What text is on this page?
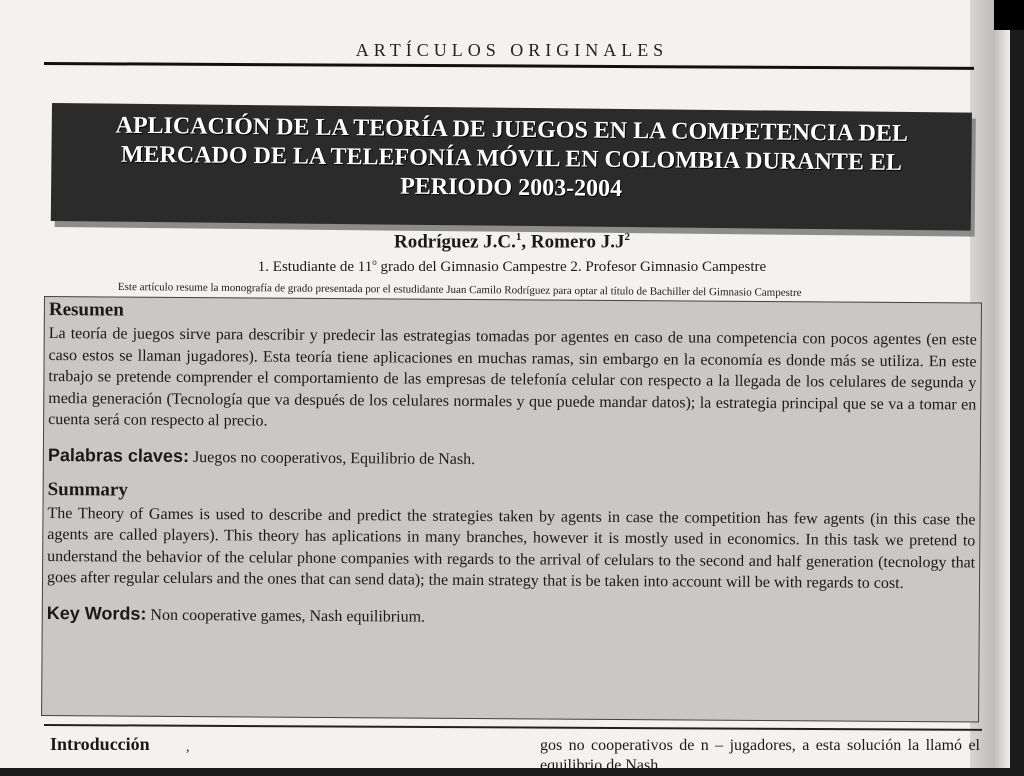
ARTÍCULOS ORIGINALES
APLICACIÓN DE LA TEORÍA DE JUEGOS EN LA COMPETENCIA DEL
MERCADO DE LA TELEFONÍA MÓVIL EN COLOMBIA DURANTE EL
PERIODO 2003-2004
Rodríguez J.C.$^1$, Romero $J.J^2$
1. Estudiante de 11$^o$ grado del Gimnasio Campestre 2. Profesor Gimnasio Campestre
Este artículo resume la monografía de grado presentada por el estudidante Juan Camilo Rodríguez para optar al título de Bachiller del Gimnasio Campestre
Resumen

La teoría de juegos sirve para describir y predecir las estrategias tomadas por agentes en caso de una competencia con pocos agentes (en este caso estos se llaman jugadores). Esta teoría tiene aplicaciones en muchas ramas, sin embargo en la economía es donde más se utiliza. En este trabajo se pretende comprender el comportamiento de las empresas de telefonía celular con respecto a la llegada de los celulares de segunda y media generación (Tecnología que va después de los celulares normales y que puede mandar datos); la estrategia principal que se va a tomar en cuenta será con respecto al precio.

Palabras claves: Juegos no cooperativos, Equilibrio de Nash.
Summary

The Theory of Games is used to describe and predict the strategies taken by agents in case the competition has few agents (in this case the agents are called players). This theory has aplications in many branches, however it is mostly used in economics. In this task we pretend to understand the behavior of the celular phone companies with regards to the arrival of celulars to the second and half generation (tecnology that goes after regular celulars and the ones that can send data); the main strategy that is be taken into account will be with regards to cost.

Key Words: Non cooperative games, Nash equilibrium.
Introducción	,	gos no cooperativos de n – jugadores, a esta solución la llamó el equilibrio de Nash.
